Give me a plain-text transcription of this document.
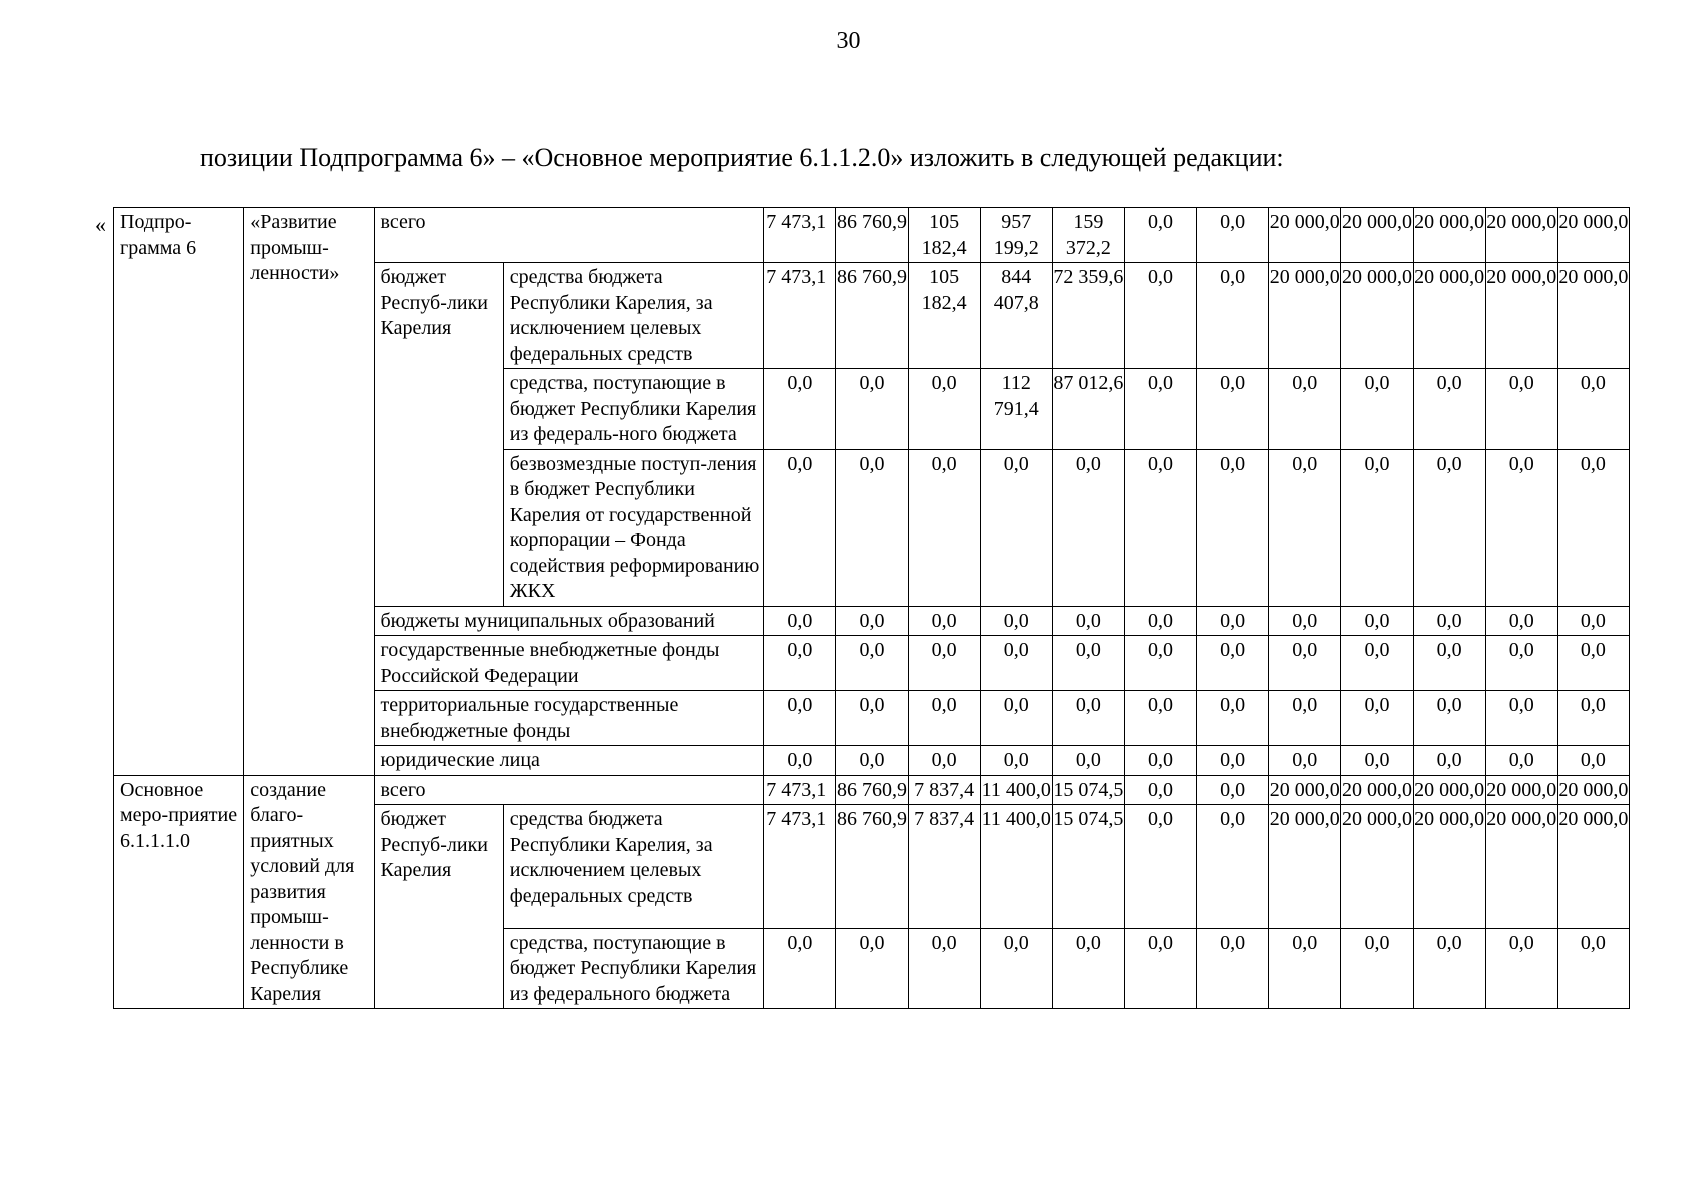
30
позиции Подпрограмма 6» – «Основное мероприятие 6.1.1.2.0» изложить в следующей редакции:
« Подпро-грамма 6	«Развитие промыш-ленности»	всего		7 473,1	86 760,9	105 182,4	957 199,2	159 372,2	0,0	0,0	20 000,0	20 000,0	20 000,0	20 000,0	20 000,0
		бюджет Респуб-лики Карелия	средства бюджета Республики Карелия, за исключением целевых федеральных средств	7 473,1	86 760,9	105 182,4	844 407,8	72 359,6	0,0	0,0	20 000,0	20 000,0	20 000,0	20 000,0	20 000,0
			средства, поступающие в бюджет Республики Карелия из федераль-ного бюджета	0,0	0,0	0,0	112 791,4	87 012,6	0,0	0,0	0,0	0,0	0,0	0,0	0,0
			безвозмездные поступ-ления в бюджет Республики Карелия от государственной корпорации – Фонда содействия реформированию ЖКХ	0,0	0,0	0,0	0,0	0,0	0,0	0,0	0,0	0,0	0,0	0,0	0,0
		бюджеты муниципальных образований		0,0	0,0	0,0	0,0	0,0	0,0	0,0	0,0	0,0	0,0	0,0	0,0
		государственные внебюджетные фонды Российской Федерации		0,0	0,0	0,0	0,0	0,0	0,0	0,0	0,0	0,0	0,0	0,0	0,0
		территориальные государственные внебюджетные фонды		0,0	0,0	0,0	0,0	0,0	0,0	0,0	0,0	0,0	0,0	0,0	0,0
		юридические лица		0,0	0,0	0,0	0,0	0,0	0,0	0,0	0,0	0,0	0,0	0,0	0,0
Основное меро-приятие 6.1.1.1.0	создание благо-приятных условий для развития промыш-ленности в Республике Карелия	всего		7 473,1	86 760,9	7 837,4	11 400,0	15 074,5	0,0	0,0	20 000,0	20 000,0	20 000,0	20 000,0	20 000,0
		бюджет Респуб-лики Карелия	средства бюджета Республики Карелия, за исключением целевых федеральных средств	7 473,1	86 760,9	7 837,4	11 400,0	15 074,5	0,0	0,0	20 000,0	20 000,0	20 000,0	20 000,0	20 000,0
			средства, поступающие в бюджет Республики Карелия из федерального бюджета	0,0	0,0	0,0	0,0	0,0	0,0	0,0	0,0	0,0	0,0	0,0	0,0
